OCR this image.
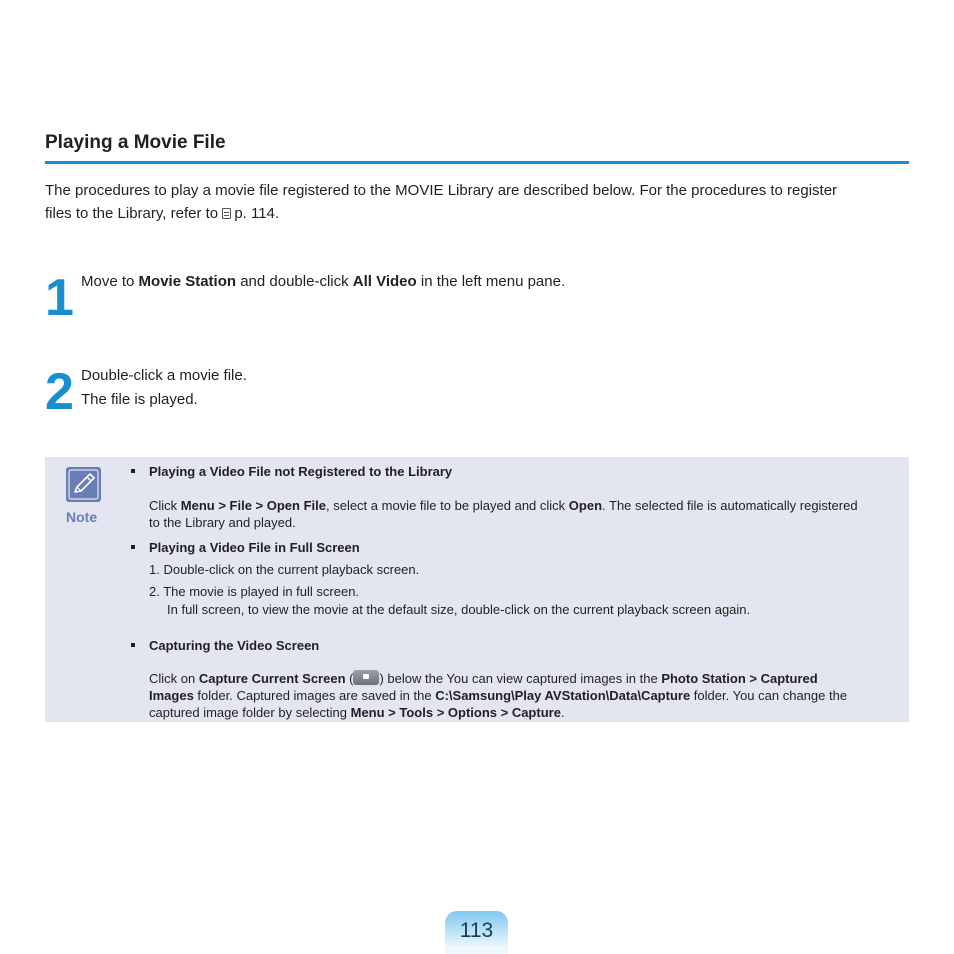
Playing a Movie File

The procedures to play a movie file registered to the MOVIE Library are described below. For the procedures to register
files to the Library, refer to p. 114.

1 Move to Movie Station and double-click All Video in the left menu pane.
2 Double-click a movie file.
The file is played.
Note
Playing a Video File not Registered to the Library
Click Menu > File > Open File, select a movie file to be played and click Open. The selected file is automatically registered
to the Library and played.
Playing a Video File in Full Screen
1. Double-click on the current playback screen.
2. The movie is played in full screen.
In full screen, to view the movie at the default size, double-click on the current playback screen again.
Capturing the Video Screen
Click on Capture Current Screen ( ) below the You can view captured images in the Photo Station > Captured
Images folder. Captured images are saved in the C:\Samsung\Play AVStation\Data\Capture folder. You can change the
captured image folder by selecting Menu > Tools > Options > Capture.
113
